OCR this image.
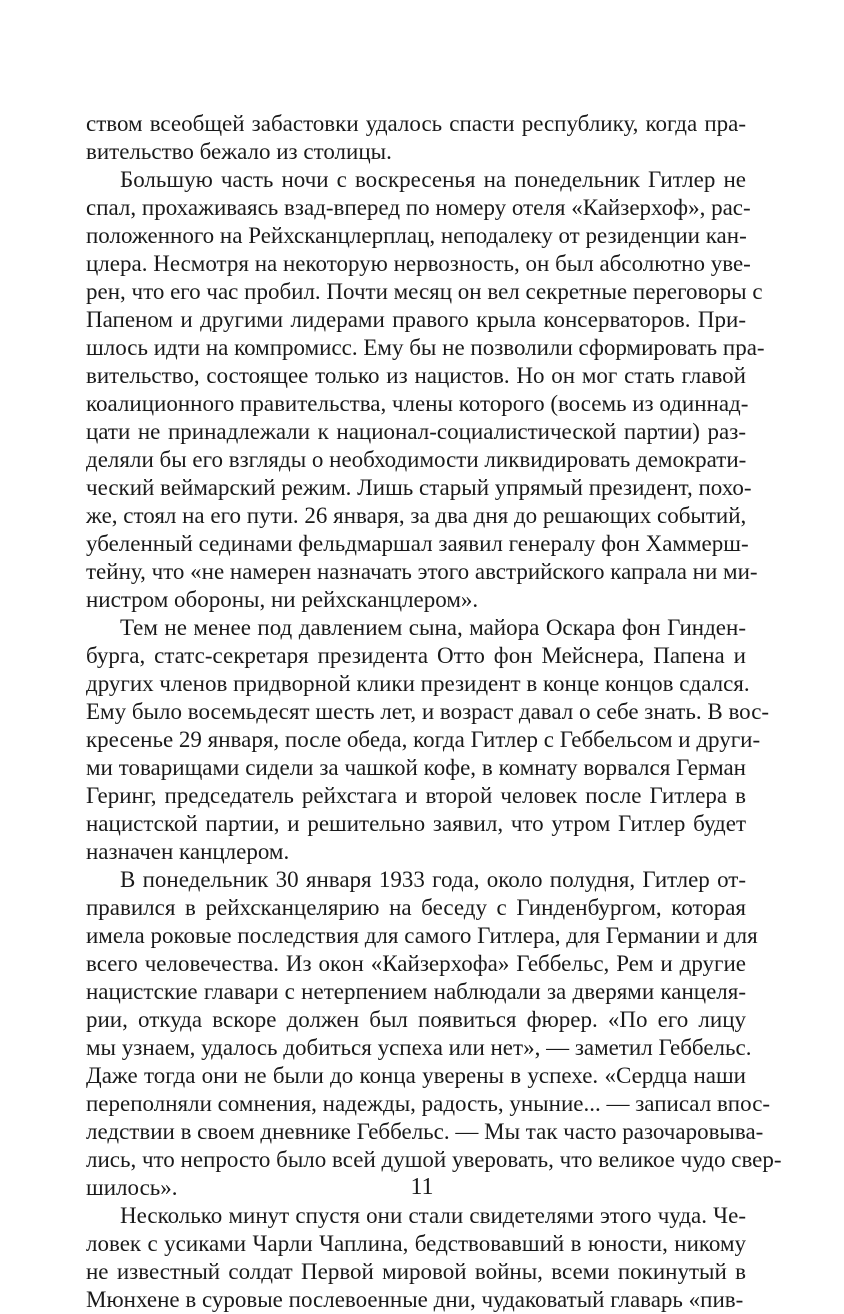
ством всеобщей забастовки удалось спасти республику, когда пра-
вительство бежало из столицы.
Большую часть ночи с воскресенья на понедельник Гитлер не
спал, прохаживаясь взад-вперед по номеру отеля «Кайзерхоф», рас-
положенного на Рейхсканцлерплац, неподалеку от резиденции кан-
цлера. Несмотря на некоторую нервозность, он был абсолютно уве-
рен, что его час пробил. Почти месяц он вел секретные переговоры с
Папеном и другими лидерами правого крыла консерваторов. При-
шлось идти на компромисс. Ему бы не позволили сформировать пра-
вительство, состоящее только из нацистов. Но он мог стать главой
коалиционного правительства, члены которого (восемь из одиннад-
цати не принадлежали к национал-социалистической партии) раз-
деляли бы его взгляды о необходимости ликвидировать демократи-
ческий веймарский режим. Лишь старый упрямый президент, похо-
же, стоял на его пути. 26 января, за два дня до решающих событий,
убеленный сединами фельдмаршал заявил генералу фон Хаммерш-
тейну, что «не намерен назначать этого австрийского капрала ни ми-
нистром обороны, ни рейхсканцлером».
Тем не менее под давлением сына, майора Оскара фон Гинден-
бурга, статс-секретаря президента Отто фон Мейснера, Папена и
других членов придворной клики президент в конце концов сдался.
Ему было восемьдесят шесть лет, и возраст давал о себе знать. В вос-
кресенье 29 января, после обеда, когда Гитлер с Геббельсом и други-
ми товарищами сидели за чашкой кофе, в комнату ворвался Герман
Геринг, председатель рейхстага и второй человек после Гитлера в
нацистской партии, и решительно заявил, что утром Гитлер будет
назначен канцлером.
В понедельник 30 января 1933 года, около полудня, Гитлер от-
правился в рейхсканцелярию на беседу с Гинденбургом, которая
имела роковые последствия для самого Гитлера, для Германии и для
всего человечества. Из окон «Кайзерхофа» Геббельс, Рем и другие
нацистские главари с нетерпением наблюдали за дверями канцеля-
рии, откуда вскоре должен был появиться фюрер. «По его лицу
мы узнаем, удалось добиться успеха или нет», — заметил Геббельс.
Даже тогда они не были до конца уверены в успехе. «Сердца наши
переполняли сомнения, надежды, радость, уныние... — записал впос-
ледствии в своем дневнике Геббельс. — Мы так часто разочаровыва-
лись, что непросто было всей душой уверовать, что великое чудо свер-
шилось».
Несколько минут спустя они стали свидетелями этого чуда. Че-
ловек с усиками Чарли Чаплина, бедствовавший в юности, никому
не известный солдат Первой мировой войны, всеми покинутый в
Мюнхене в суровые послевоенные дни, чудаковатый главарь «пив-
11
